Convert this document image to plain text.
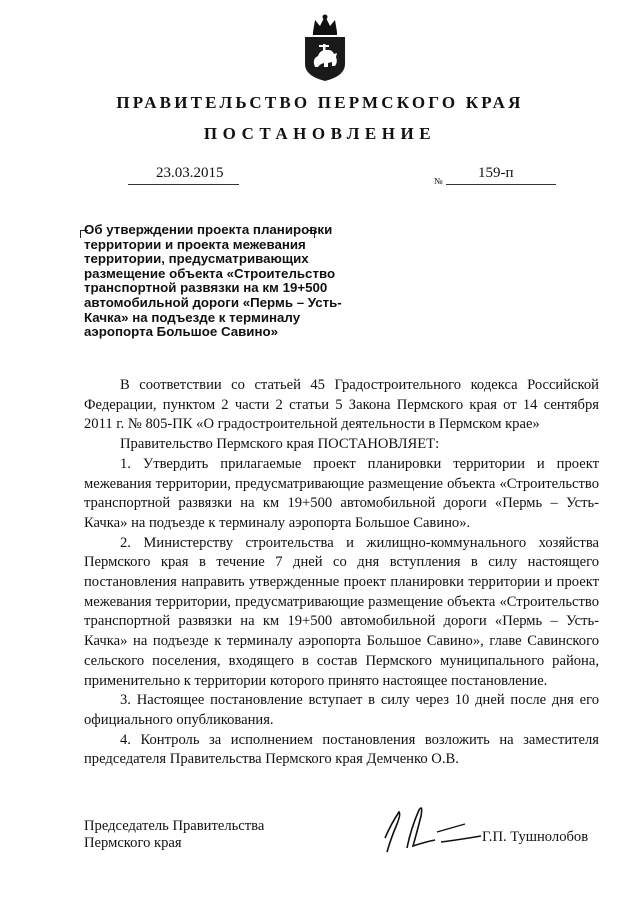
ПРАВИТЕЛЬСТВО ПЕРМСКОГО КРАЯ
ПОСТАНОВЛЕНИЕ
23.03.2015	№ 159-п
Об утверждении проекта планировки территории и проекта межевания территории, предусматривающих размещение объекта «Строительство транспортной развязки на км 19+500 автомобильной дороги «Пермь – Усть-Качка» на подъезде к терминалу аэропорта Большое Савино»

В соответствии со статьей 45 Градостроительного кодекса Российской Федерации, пунктом 2 части 2 статьи 5 Закона Пермского края от 14 сентября 2011 г. № 805-ПК «О градостроительной деятельности в Пермском крае»

Правительство Пермского края ПОСТАНОВЛЯЕТ:

1. Утвердить прилагаемые проект планировки территории и проект межевания территории, предусматривающие размещение объекта «Строительство транспортной развязки на км 19+500 автомобильной дороги «Пермь – Усть-Качка» на подъезде к терминалу аэропорта Большое Савино».

2. Министерству строительства и жилищно-коммунального хозяйства Пермского края в течение 7 дней со дня вступления в силу настоящего постановления направить утвержденные проект планировки территории и проект межевания территории, предусматривающие размещение объекта «Строительство транспортной развязки на км 19+500 автомобильной дороги «Пермь – Усть-Качка» на подъезде к терминалу аэропорта Большое Савино», главе Савинского сельского поселения, входящего в состав Пермского муниципального района, применительно к территории которого принято настоящее постановление.

3. Настоящее постановление вступает в силу через 10 дней после дня его официального опубликования.

4. Контроль за исполнением постановления возложить на заместителя председателя Правительства Пермского края Демченко О.В.

Председатель Правительства
Пермского края	Г.П. Тушнолобов
